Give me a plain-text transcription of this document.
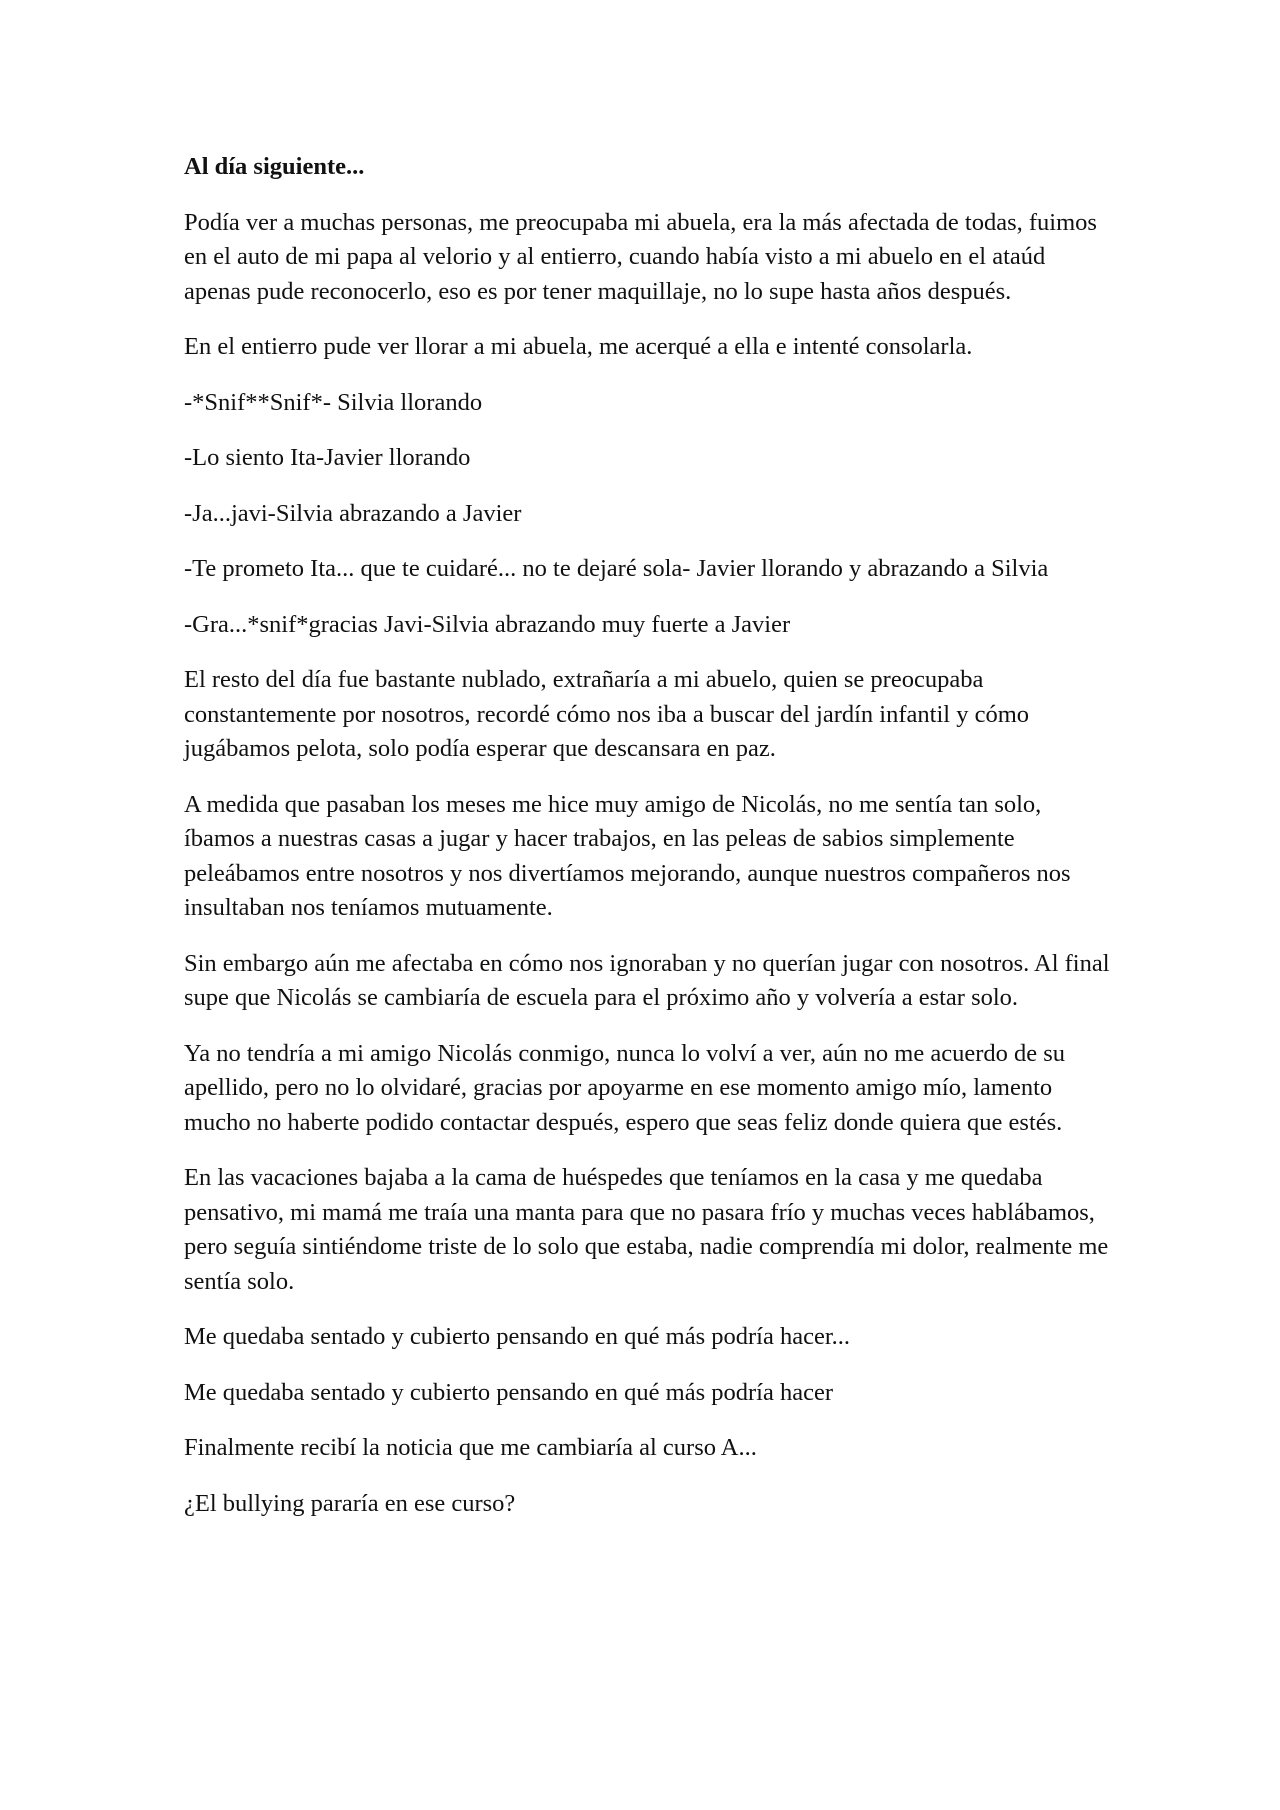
Al día siguiente...

Podía ver a muchas personas, me preocupaba mi abuela, era la más afectada de todas, fuimos en el auto de mi papa al velorio y al entierro, cuando había visto a mi abuelo en el ataúd apenas pude reconocerlo, eso es por tener maquillaje, no lo supe hasta años después.

En el entierro pude ver llorar a mi abuela, me acerqué a ella e intenté consolarla.

-*Snif**Snif*- Silvia llorando

-Lo siento Ita-Javier llorando

-Ja...javi-Silvia abrazando a Javier

-Te prometo Ita... que te cuidaré... no te dejaré sola- Javier llorando y abrazando a Silvia

-Gra...*snif*gracias Javi-Silvia abrazando muy fuerte a Javier

El resto del día fue bastante nublado, extrañaría a mi abuelo, quien se preocupaba constantemente por nosotros, recordé cómo nos iba a buscar del jardín infantil y cómo jugábamos pelota, solo podía esperar que descansara en paz.

A medida que pasaban los meses me hice muy amigo de Nicolás, no me sentía tan solo, íbamos a nuestras casas a jugar y hacer trabajos, en las peleas de sabios simplemente peleábamos entre nosotros y nos divertíamos mejorando, aunque nuestros compañeros nos insultaban nos teníamos mutuamente.

Sin embargo aún me afectaba en cómo nos ignoraban y no querían jugar con nosotros. Al final supe que Nicolás se cambiaría de escuela para el próximo año y volvería a estar solo.

Ya no tendría a mi amigo Nicolás conmigo, nunca lo volví a ver, aún no me acuerdo de su apellido, pero no lo olvidaré, gracias por apoyarme en ese momento amigo mío, lamento mucho no haberte podido contactar después, espero que seas feliz donde quiera que estés.

En las vacaciones bajaba a la cama de huéspedes que teníamos en la casa y me quedaba pensativo, mi mamá me traía una manta para que no pasara frío y muchas veces hablábamos, pero seguía sintiéndome triste de lo solo que estaba, nadie comprendía mi dolor, realmente me sentía solo.

Me quedaba sentado y cubierto pensando en qué más podría hacer...

Me quedaba sentado y cubierto pensando en qué más podría hacer

Finalmente recibí la noticia que me cambiaría al curso A...

¿El bullying pararía en ese curso?
